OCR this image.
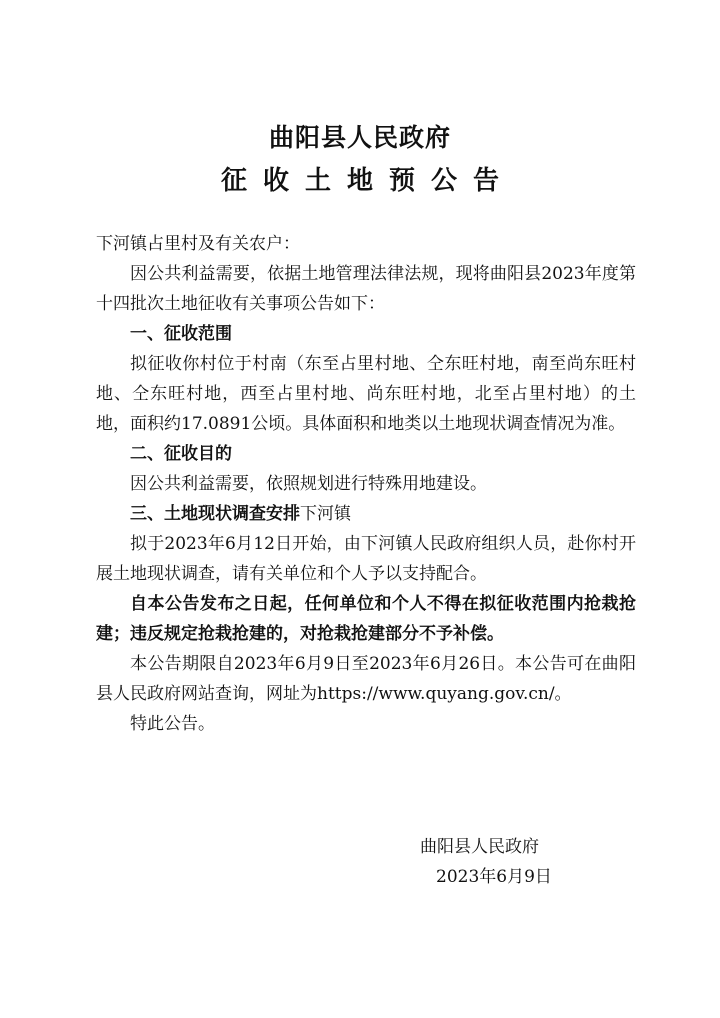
曲阳县人民政府
征收土地预公告

下河镇占里村及有关农户：

因公共利益需要，依据土地管理法律法规，现将曲阳县2023年度第十四批次土地征收有关事项公告如下：

一、征收范围

拟征收你村位于村南（东至占里村地、仝东旺村地，南至尚东旺村地、仝东旺村地，西至占里村地、尚东旺村地，北至占里村地）的土地，面积约17.0891公顷。具体面积和地类以土地现状调查情况为准。

二、征收目的

因公共利益需要，依照规划进行特殊用地建设。

三、土地现状调查安排下河镇

拟于2023年6月12日开始，由下河镇人民政府组织人员，赴你村开展土地现状调查，请有关单位和个人予以支持配合。

自本公告发布之日起，任何单位和个人不得在拟征收范围内抢栽抢建；违反规定抢栽抢建的，对抢栽抢建部分不予补偿。

本公告期限自2023年6月9日至2023年6月26日。本公告可在曲阳县人民政府网站查询，网址为https://www.quyang.gov.cn/。

特此公告。

曲阳县人民政府
2023年6月9日
